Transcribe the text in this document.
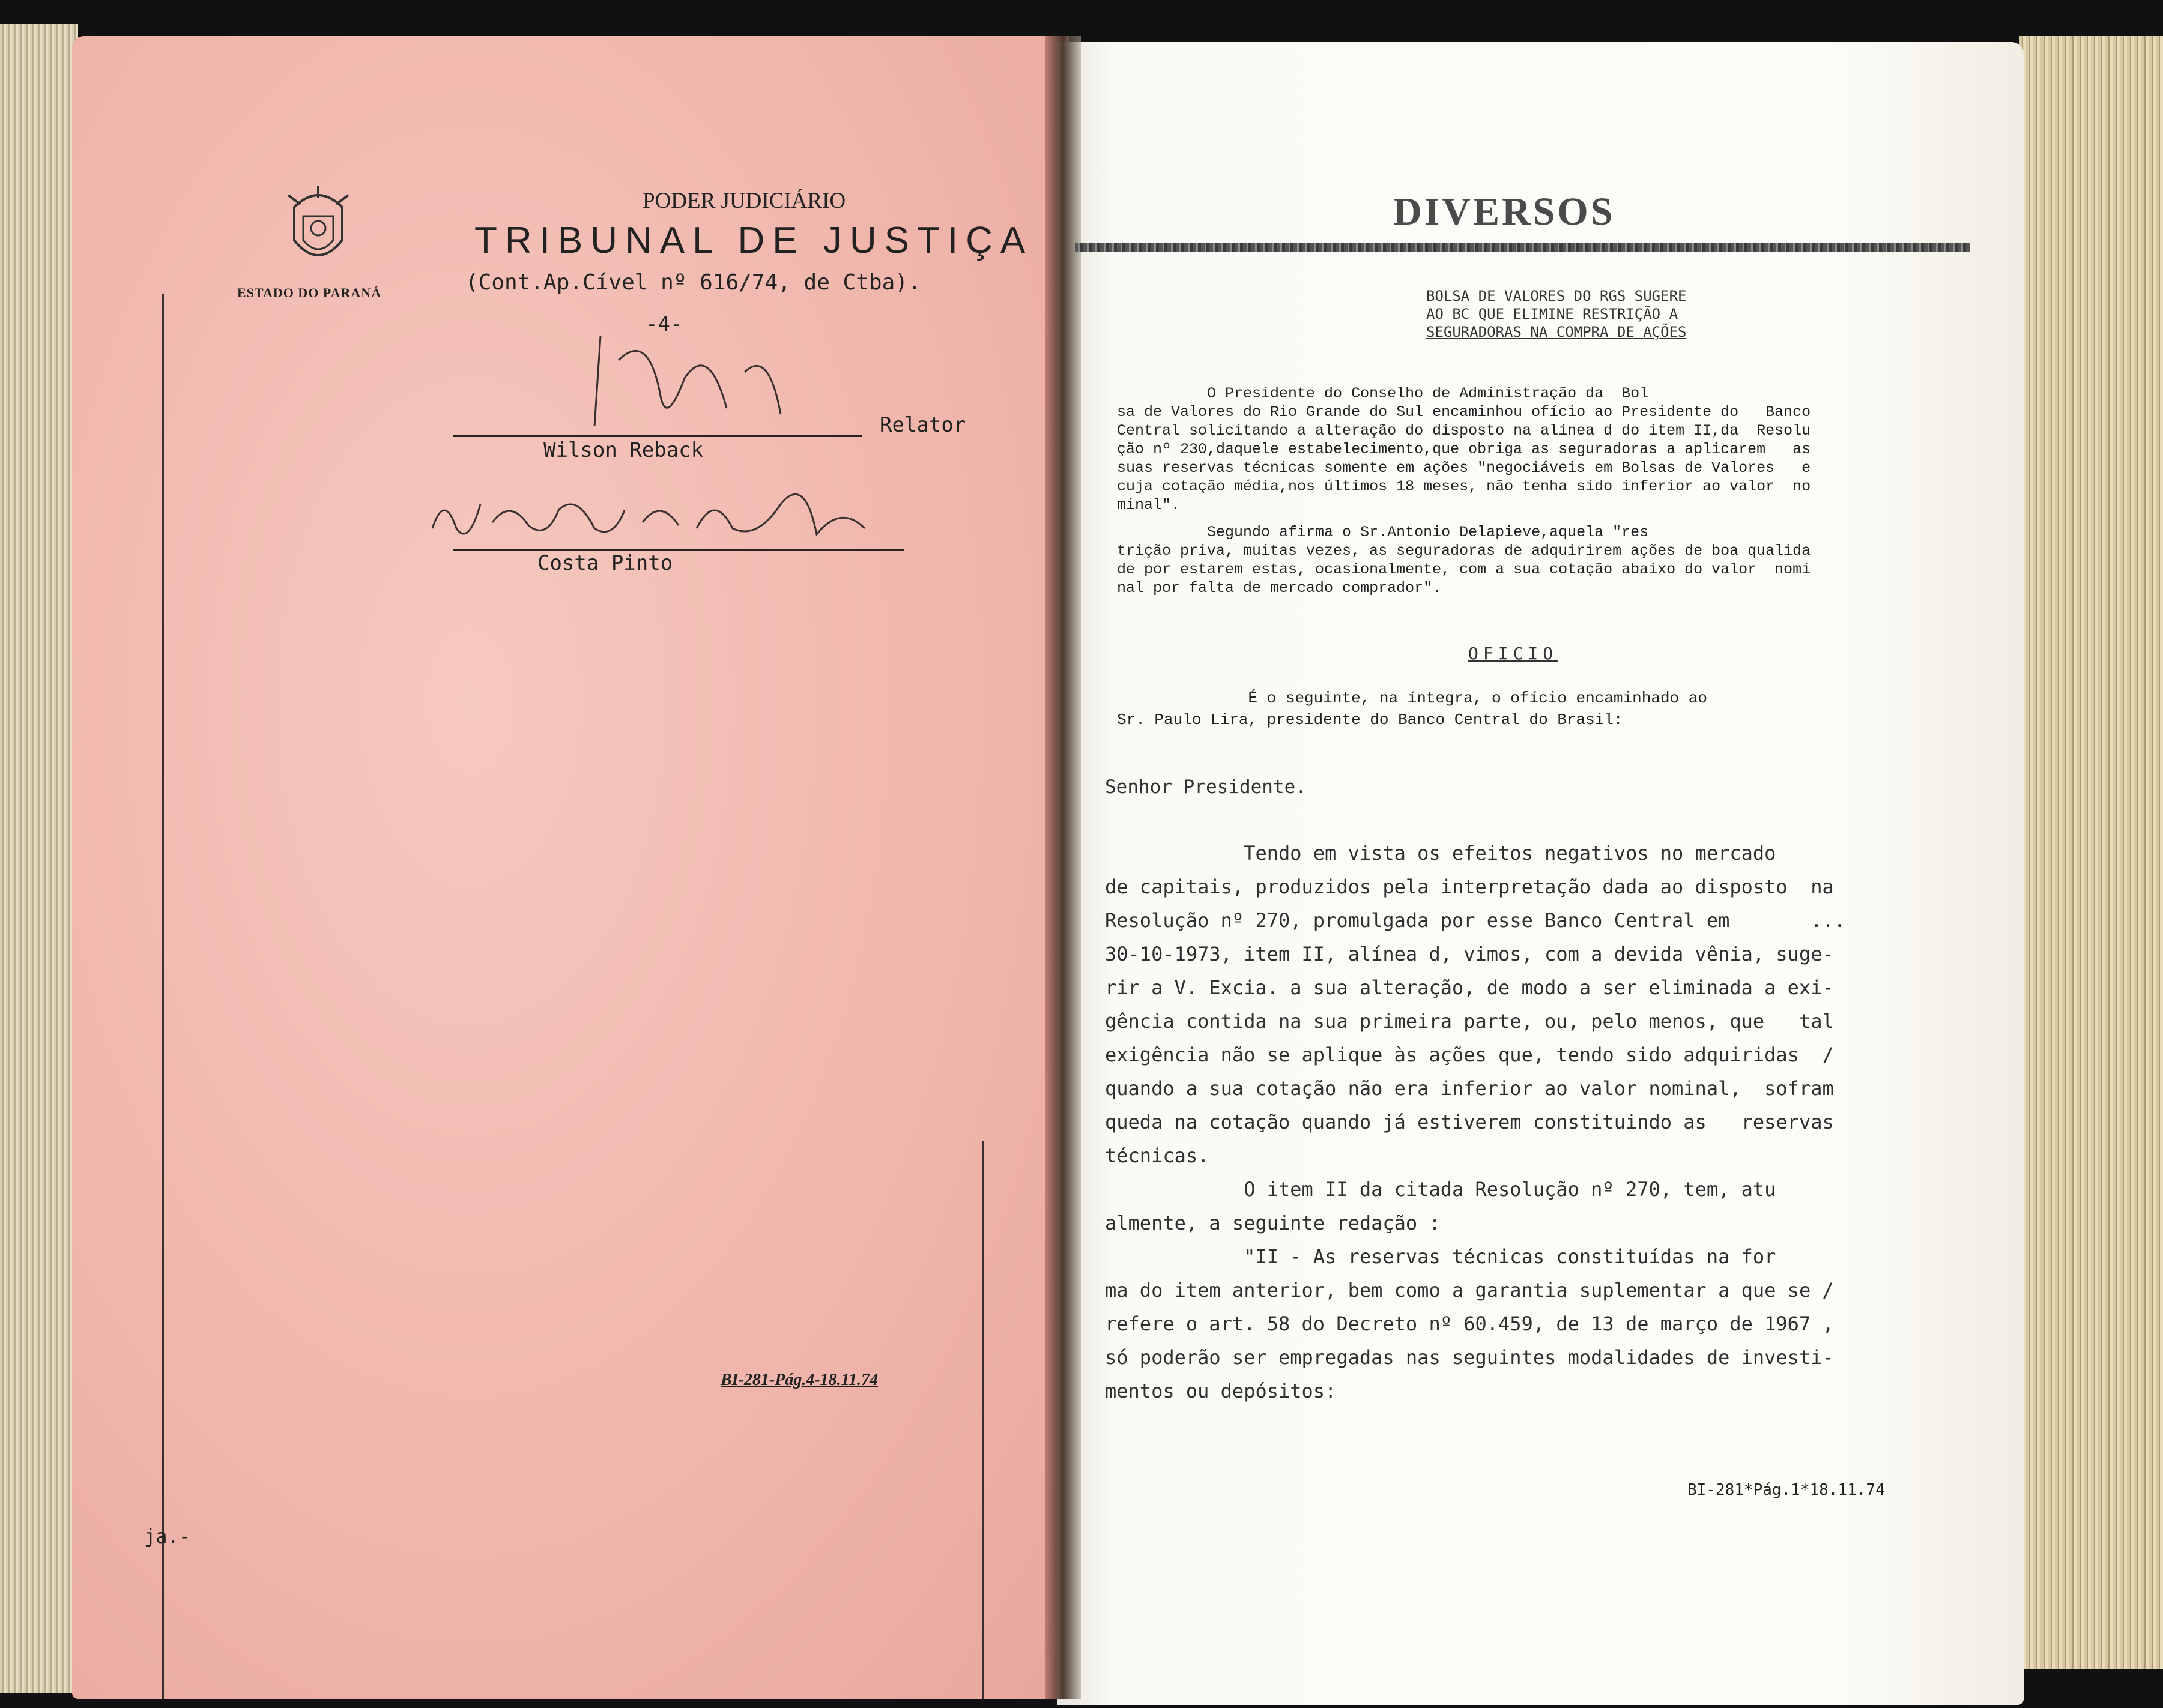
ESTADO DO PARANÁ
PODER JUDICIÁRIO
TRIBUNAL DE JUSTIÇA
(Cont.Ap.Cível nº 616/74, de Ctba).
-4-
Relator
Wilson Reback
Costa Pinto
BI-281-Pág.4-18.11.74
ja.-
DIVERSOS
BOLSA DE VALORES DO RGS SUGERE
AO BC QUE ELIMINE RESTRIÇÃO A
SEGURADORAS NA COMPRA DE AÇÕES
O Presidente do Conselho de Administração da  Bol
sa de Valores do Rio Grande do Sul encaminhou ofício ao Presidente do   Banco
Central solicitando a alteração do disposto na alínea d do item II,da  Resolu
ção nº 230,daquele estabelecimento,que obriga as seguradoras a aplicarem   as
suas reservas técnicas somente em ações "negociáveis em Bolsas de Valores   e
cuja cotação média,nos últimos 18 meses, não tenha sido inferior ao valor  no
minal".
Segundo afirma o Sr.Antonio Delapieve,aquela "res
trição priva, muitas vezes, as seguradoras de adquirirem ações de boa qualida
de por estarem estas, ocasionalmente, com a sua cotação abaixo do valor  nomi
nal por falta de mercado comprador".
OFICIO
É o seguinte, na íntegra, o ofício encaminhado ao
Sr. Paulo Lira, presidente do Banco Central do Brasil:
Senhor Presidente.
Tendo em vista os efeitos negativos no mercado
de capitais, produzidos pela interpretação dada ao disposto  na
Resolução nº 270, promulgada por esse Banco Central em       ...
30-10-1973, item II, alínea d, vimos, com a devida vênia, suge-
rir a V. Excia. a sua alteração, de modo a ser eliminada a exi-
gência contida na sua primeira parte, ou, pelo menos, que   tal
exigência não se aplique às ações que, tendo sido adquiridas  /
quando a sua cotação não era inferior ao valor nominal,  sofram
queda na cotação quando já estiverem constituindo as   reservas
técnicas.
O item II da citada Resolução nº 270, tem, atu
almente, a seguinte redação :
"II - As reservas técnicas constituídas na for
ma do item anterior, bem como a garantia suplementar a que se /
refere o art. 58 do Decreto nº 60.459, de 13 de março de 1967 ,
só poderão ser empregadas nas seguintes modalidades de investi-
mentos ou depósitos:
BI-281*Pág.1*18.11.74
